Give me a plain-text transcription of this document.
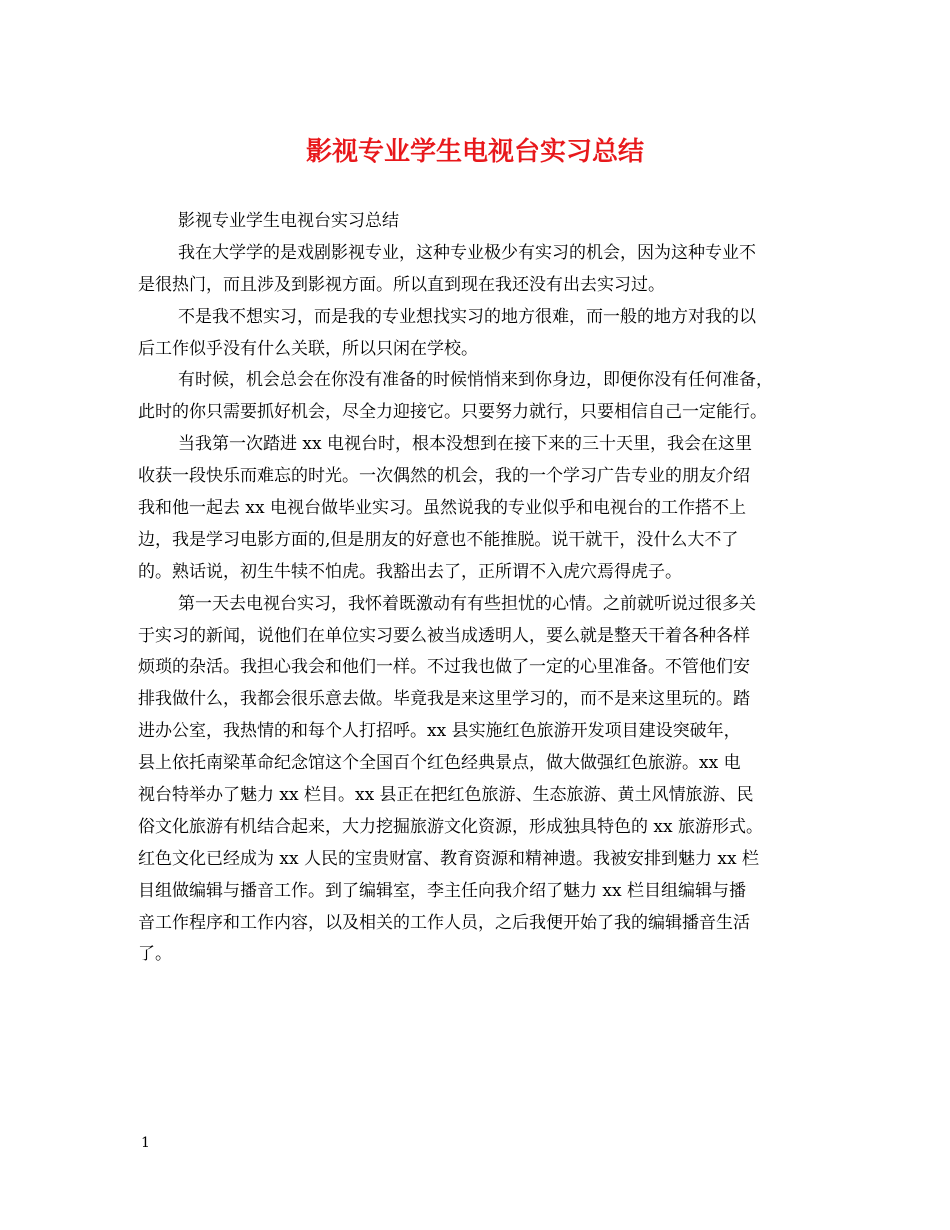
影视专业学生电视台实习总结
影视专业学生电视台实习总结
我在大学学的是戏剧影视专业，这种专业极少有实习的机会，因为这种专业不
是很热门，而且涉及到影视方面。所以直到现在我还没有出去实习过。
不是我不想实习，而是我的专业想找实习的地方很难，而一般的地方对我的以
后工作似乎没有什么关联，所以只闲在学校。
有时候，机会总会在你没有准备的时候悄悄来到你身边，即便你没有任何准备，
此时的你只需要抓好机会，尽全力迎接它。只要努力就行，只要相信自己一定能行。
当我第一次踏进 xx 电视台时，根本没想到在接下来的三十天里，我会在这里
收获一段快乐而难忘的时光。一次偶然的机会，我的一个学习广告专业的朋友介绍
我和他一起去 xx 电视台做毕业实习。虽然说我的专业似乎和电视台的工作搭不上
边，我是学习电影方面的,但是朋友的好意也不能推脱。说干就干，没什么大不了
的。熟话说，初生牛犊不怕虎。我豁出去了，正所谓不入虎穴焉得虎子。
第一天去电视台实习，我怀着既激动有有些担忧的心情。之前就听说过很多关
于实习的新闻，说他们在单位实习要么被当成透明人，要么就是整天干着各种各样
烦琐的杂活。我担心我会和他们一样。不过我也做了一定的心里准备。不管他们安
排我做什么，我都会很乐意去做。毕竟我是来这里学习的，而不是来这里玩的。踏
进办公室，我热情的和每个人打招呼。xx 县实施红色旅游开发项目建设突破年，
县上依托南梁革命纪念馆这个全国百个红色经典景点，做大做强红色旅游。xx 电
视台特举办了魅力 xx 栏目。xx 县正在把红色旅游、生态旅游、黄土风情旅游、民
俗文化旅游有机结合起来，大力挖掘旅游文化资源，形成独具特色的 xx 旅游形式。
红色文化已经成为 xx 人民的宝贵财富、教育资源和精神遗。我被安排到魅力 xx 栏
目组做编辑与播音工作。到了编辑室，李主任向我介绍了魅力 xx 栏目组编辑与播
音工作程序和工作内容，以及相关的工作人员，之后我便开始了我的编辑播音生活
了。
1
